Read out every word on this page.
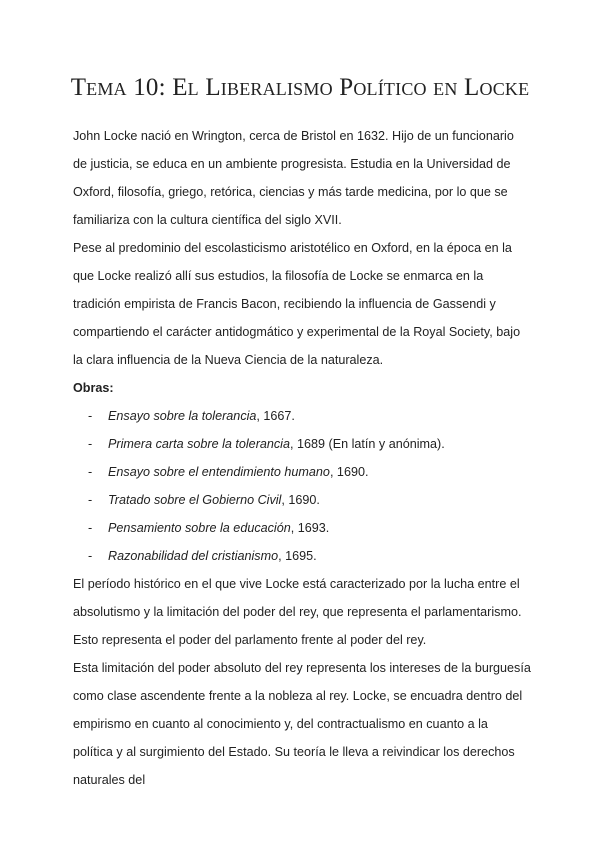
Tema 10: El Liberalismo Político en Locke

John Locke nació en Wrington, cerca de Bristol en 1632. Hijo de un funcionario de justicia, se educa en un ambiente progresista. Estudia en la Universidad de Oxford, filosofía, griego, retórica, ciencias y más tarde medicina, por lo que se familiariza con la cultura científica del siglo XVII.

Pese al predominio del escolasticismo aristotélico en Oxford, en la época en la que Locke realizó allí sus estudios, la filosofía de Locke se enmarca en la tradición empirista de Francis Bacon, recibiendo la influencia de Gassendi y compartiendo el carácter antidogmático y experimental de la Royal Society, bajo la clara influencia de la Nueva Ciencia de la naturaleza.

Obras:

- Ensayo sobre la tolerancia, 1667.
- Primera carta sobre la tolerancia, 1689 (En latín y anónima).
- Ensayo sobre el entendimiento humano, 1690.
- Tratado sobre el Gobierno Civil, 1690.
- Pensamiento sobre la educación, 1693.
- Razonabilidad del cristianismo, 1695.

El período histórico en el que vive Locke está caracterizado por la lucha entre el absolutismo y la limitación del poder del rey, que representa el parlamentarismo. Esto representa el poder del parlamento frente al poder del rey.

Esta limitación del poder absoluto del rey representa los intereses de la burguesía como clase ascendente frente a la nobleza al rey. Locke, se encuadra dentro del empirismo en cuanto al conocimiento y, del contractualismo en cuanto a la política y al surgimiento del Estado. Su teoría le lleva a reivindicar los derechos naturales del
